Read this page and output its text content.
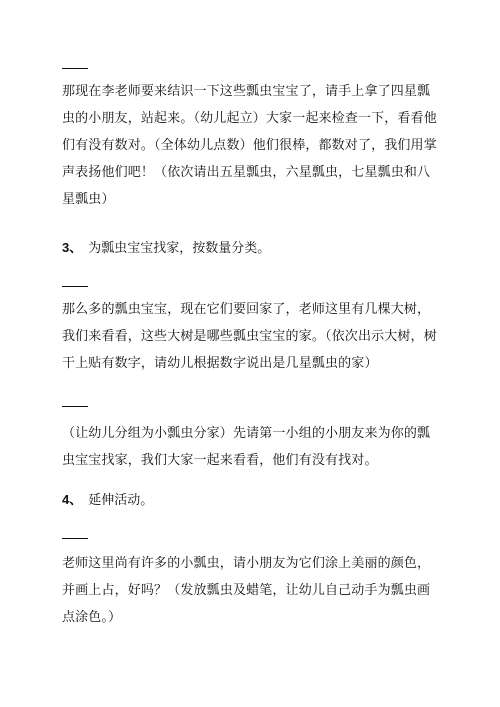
那现在李老师要来结识一下这些瓢虫宝宝了，请手上拿了四星瓢虫的小朋友，站起来。（幼儿起立）大家一起来检查一下，看看他们有没有数对。（全体幼儿点数）他们很棒，都数对了，我们用掌声表扬他们吧！（依次请出五星瓢虫，六星瓢虫，七星瓢虫和八星瓢虫）

3、 为瓢虫宝宝找家，按数量分类。

那么多的瓢虫宝宝，现在它们要回家了，老师这里有几棵大树，我们来看看，这些大树是哪些瓢虫宝宝的家。（依次出示大树，树干上贴有数字，请幼儿根据数字说出是几星瓢虫的家）

（让幼儿分组为小瓢虫分家）先请第一小组的小朋友来为你的瓢虫宝宝找家，我们大家一起来看看，他们有没有找对。

4、 延伸活动。

老师这里尚有许多的小瓢虫，请小朋友为它们涂上美丽的颜色，并画上占，好吗？（发放瓢虫及蜡笔，让幼儿自己动手为瓢虫画点涂色。）
